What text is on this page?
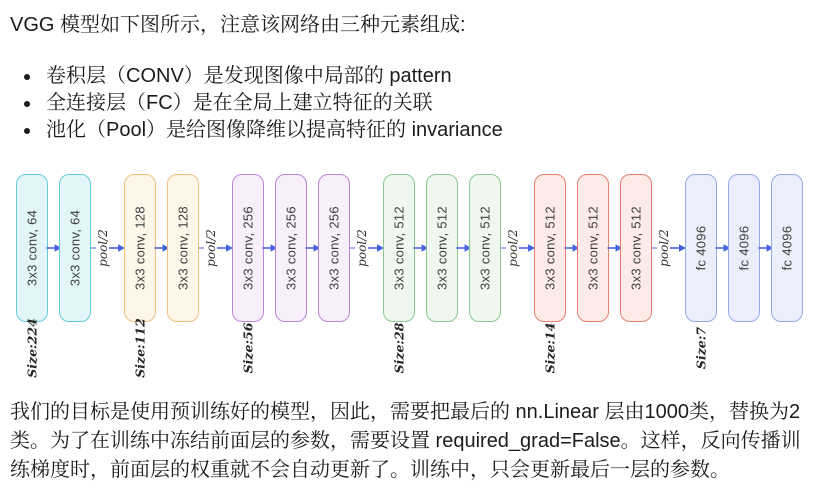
VGG 模型如下图所示，注意该网络由三种元素组成:

• 卷积层（CONV）是发现图像中局部的 pattern
• 全连接层（FC）是在全局上建立特征的关联
• 池化（Pool）是给图像降维以提高特征的 invariance
3x3 conv, 64 3x3 conv, 64
Size:224
pool/2 3x3 conv, 128 3x3 conv, 128
Size:112
pool/2 3x3 conv, 256 3x3 conv, 256 3x3 conv, 256
Size:56
pool/2 3x3 conv, 512 3x3 conv, 512 3x3 conv, 512
Size:28
pool/2 3x3 conv, 512 3x3 conv, 512 3x3 conv, 512
Size:14
pool/2 fc 4096 fc 4096 fc 4096
Size:7

我们的目标是使用预训练好的模型，因此，需要把最后的 nn.Linear 层由1000类，替换为2类。为了在训练中冻结前面层的参数，需要设置 required_grad=False。这样，反向传播训练梯度时，前面层的权重就不会自动更新了。训练中，只会更新最后一层的参数。
